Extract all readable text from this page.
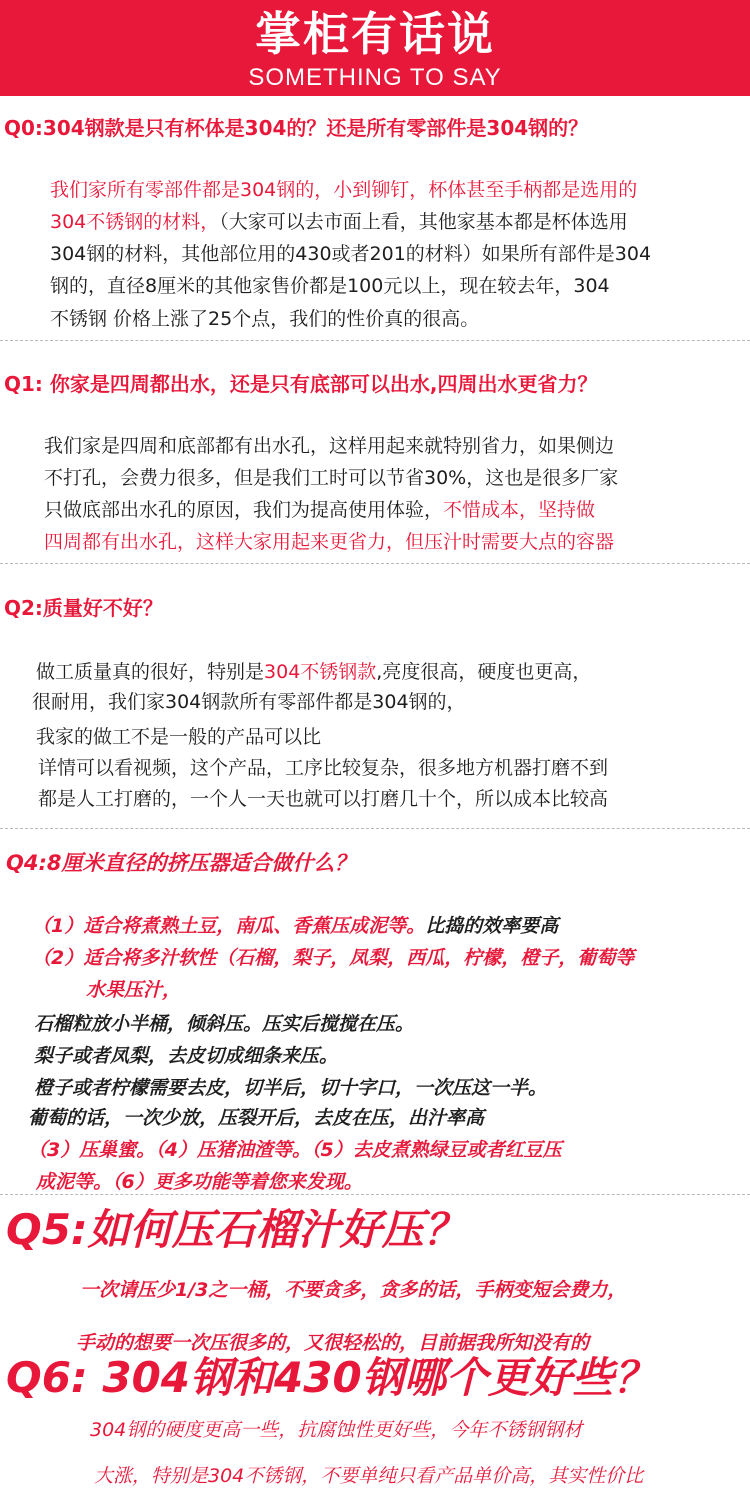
掌柜有话说
SOMETHING TO SAY
Q0:304钢款是只有杯体是304的？还是所有零部件是304钢的？
我们家所有零部件都是304钢的，小到铆钉，杯体甚至手柄都是选用的
304不锈钢的材料，（大家可以去市面上看，其他家基本都是杯体选用
304钢的材料，其他部位用的430或者201的材料）如果所有部件是304
钢的，直径8厘米的其他家售价都是100元以上，现在较去年，304
不锈钢 价格上涨了25个点，我们的性价真的很高。
Q1: 你家是四周都出水，还是只有底部可以出水,四周出水更省力？
我们家是四周和底部都有出水孔，这样用起来就特别省力，如果侧边
不打孔，会费力很多，但是我们工时可以节省30%，这也是很多厂家
只做底部出水孔的原因，我们为提高使用体验，不惜成本，坚持做
四周都有出水孔，这样大家用起来更省力，但压汁时需要大点的容器
Q2:质量好不好？
做工质量真的很好，特别是304不锈钢款,亮度很高，硬度也更高，
很耐用，我们家304钢款所有零部件都是304钢的，
我家的做工不是一般的产品可以比
详情可以看视频，这个产品，工序比较复杂，很多地方机器打磨不到
都是人工打磨的，一个人一天也就可以打磨几十个，所以成本比较高
Q4:8厘米直径的挤压器适合做什么？
（1）适合将煮熟土豆，南瓜、香蕉压成泥等。比捣的效率要高
（2）适合将多汁软性（石榴，梨子，凤梨，西瓜，柠檬，橙子，葡萄等
水果压汁，
石榴粒放小半桶，倾斜压。压实后搅搅在压。
梨子或者凤梨，去皮切成细条来压。
橙子或者柠檬需要去皮，切半后，切十字口，一次压这一半。
葡萄的话，一次少放，压裂开后，去皮在压，出汁率高
（3）压巢蜜。（4）压猪油渣等。（5）去皮煮熟绿豆或者红豆压
成泥等。（6）更多功能等着您来发现。
Q5:如何压石榴汁好压？
一次请压少1/3之一桶，不要贪多，贪多的话，手柄变短会费力，
手动的想要一次压很多的，又很轻松的，目前据我所知没有的
Q6: 304钢和430钢哪个更好些？
304钢的硬度更高一些，抗腐蚀性更好些，今年不锈钢钢材
大涨，特别是304不锈钢，不要单纯只看产品单价高，其实性价比
